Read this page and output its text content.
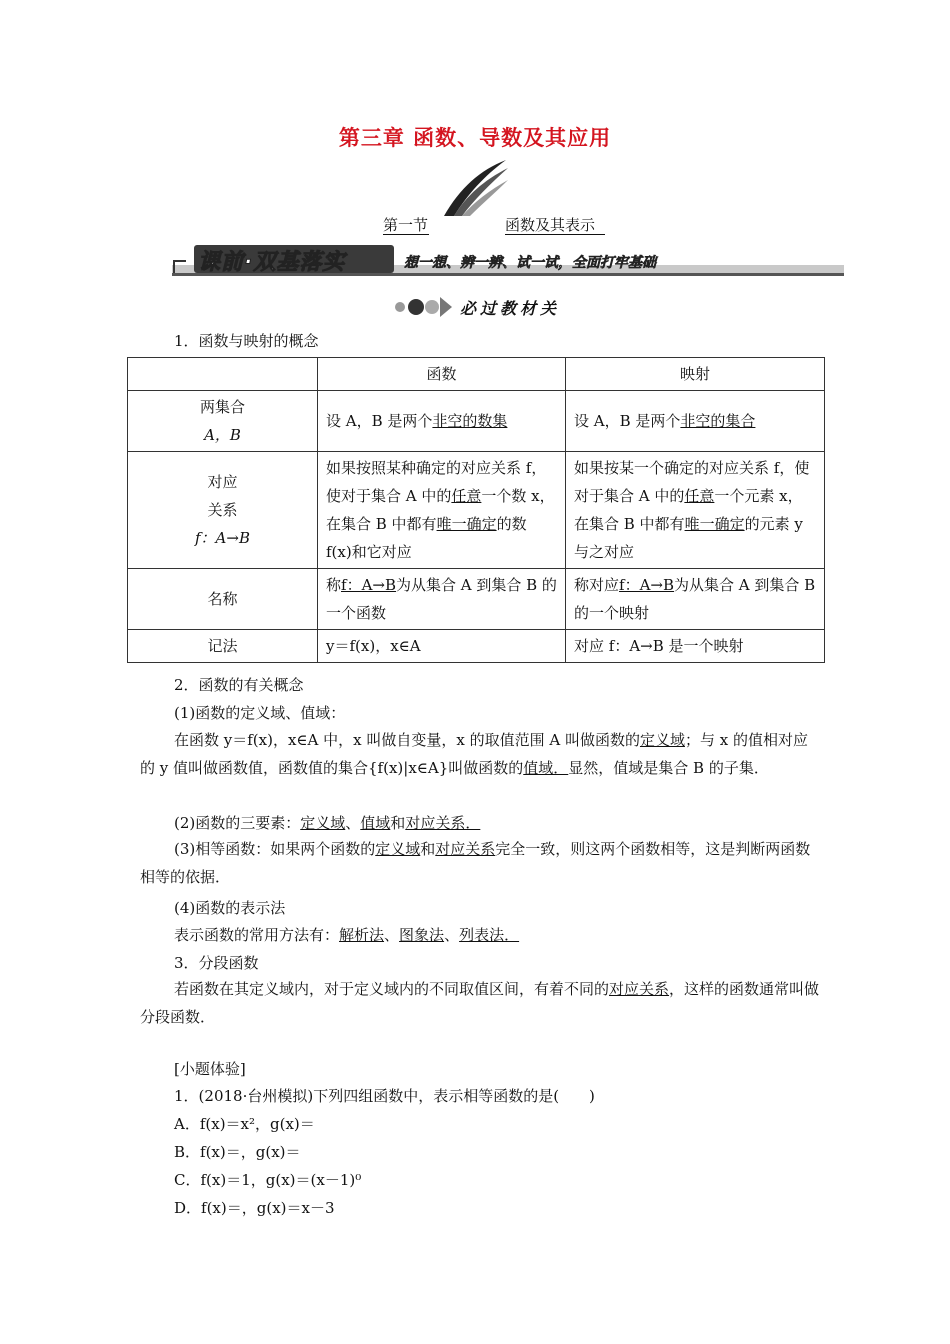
第三章 函数、导数及其应用
第一节	函数及其表示
课前·双基落实	想一想、辨一辨、试一试，全面打牢基础
必过教材关
1．函数与映射的概念
	函数	映射

两集合
A，B	设 A，B 是两个非空的数集	设 A，B 是两个非空的集合

对应
关系
f：A→B	如果按照某种确定的对应关系 f，使对于集合 A 中的任意一个数 x，在集合 B 中都有唯一确定的数 f(x)和它对应	如果按某一个确定的对应关系 f，使对于集合 A 中的任意一个元素 x，在集合 B 中都有唯一确定的元素 y 与之对应
名称	称f：A→B为从集合 A 到集合 B 的一个函数	称对应f：A→B为从集合 A 到集合 B 的一个映射
记法	y＝f(x)，x∈A	对应 f：A→B 是一个映射
2．函数的有关概念
(1)函数的定义域、值域：
在函数 y＝f(x)，x∈A 中，x 叫做自变量，x 的取值范围 A 叫做函数的定义域；与 x 的值相对应的 y 值叫做函数值，函数值的集合{f(x)|x∈A}叫做函数的值域．显然，值域是集合 B 的子集．
(2)函数的三要素：定义域、值域和对应关系．
(3)相等函数：如果两个函数的定义域和对应关系完全一致，则这两个函数相等，这是判断两函数相等的依据．
(4)函数的表示法
表示函数的常用方法有：解析法、图象法、列表法．
3．分段函数
若函数在其定义域内，对于定义域内的不同取值区间，有着不同的对应关系，这样的函数通常叫做分段函数．
[小题体验]
1．(2018·台州模拟)下列四组函数中，表示相等函数的是(　　)
A．f(x)＝x²，g(x)＝
B．f(x)＝，g(x)＝
C．f(x)＝1，g(x)＝(x－1)⁰
D．f(x)＝，g(x)＝x－3
